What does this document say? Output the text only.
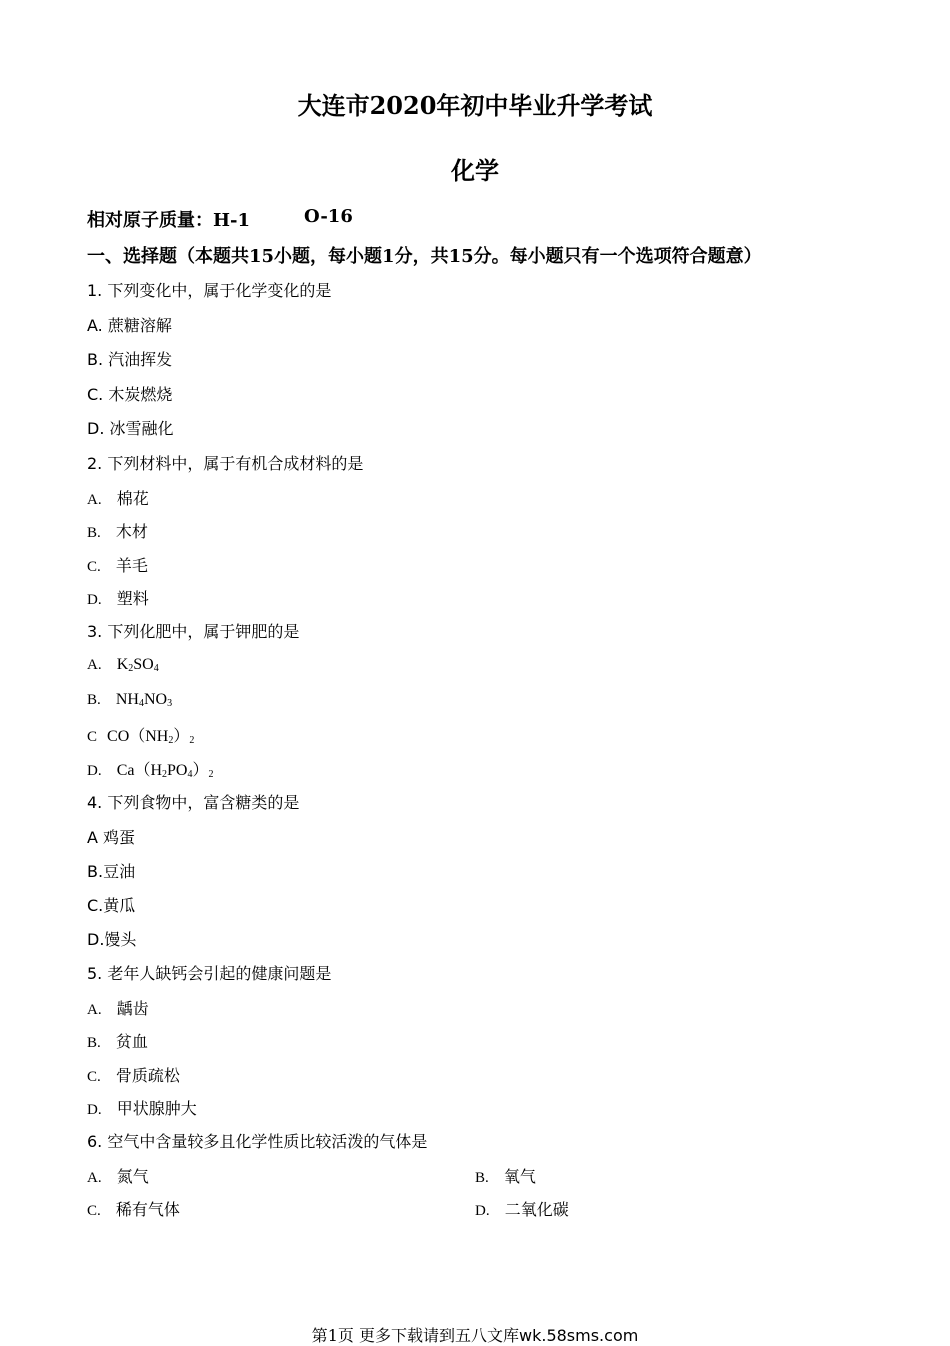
大连市2020年初中毕业升学考试
化学
相对原子质量：H-1	O-16
一、选择题（本题共15小题，每小题1分，共15分。每小题只有一个选项符合题意）
1. 下列变化中，属于化学变化的是
A. 蔗糖溶解
B. 汽油挥发
C. 木炭燃烧
D. 冰雪融化
2. 下列材料中，属于有机合成材料的是
A. 棉花
B. 木材
C. 羊毛
D. 塑料
3. 下列化肥中，属于钾肥的是
A. $K_2SO_4$
B. $NH_4NO_3$
C $CO(NH_2)_2$
D. $Ca(H_2PO_4)_2$
4. 下列食物中，富含糖类的是
A 鸡蛋
B.豆油
C.黄瓜
D.馒头
5. 老年人缺钙会引起的健康问题是
A. 龋齿
B. 贫血
C. 骨质疏松
D. 甲状腺肿大
6. 空气中含量较多且化学性质比较活泼的气体是
A. 氮气	B. 氧气
C. 稀有气体	D. 二氧化碳
第1页 更多下载请到五八文库wk.58sms.com
